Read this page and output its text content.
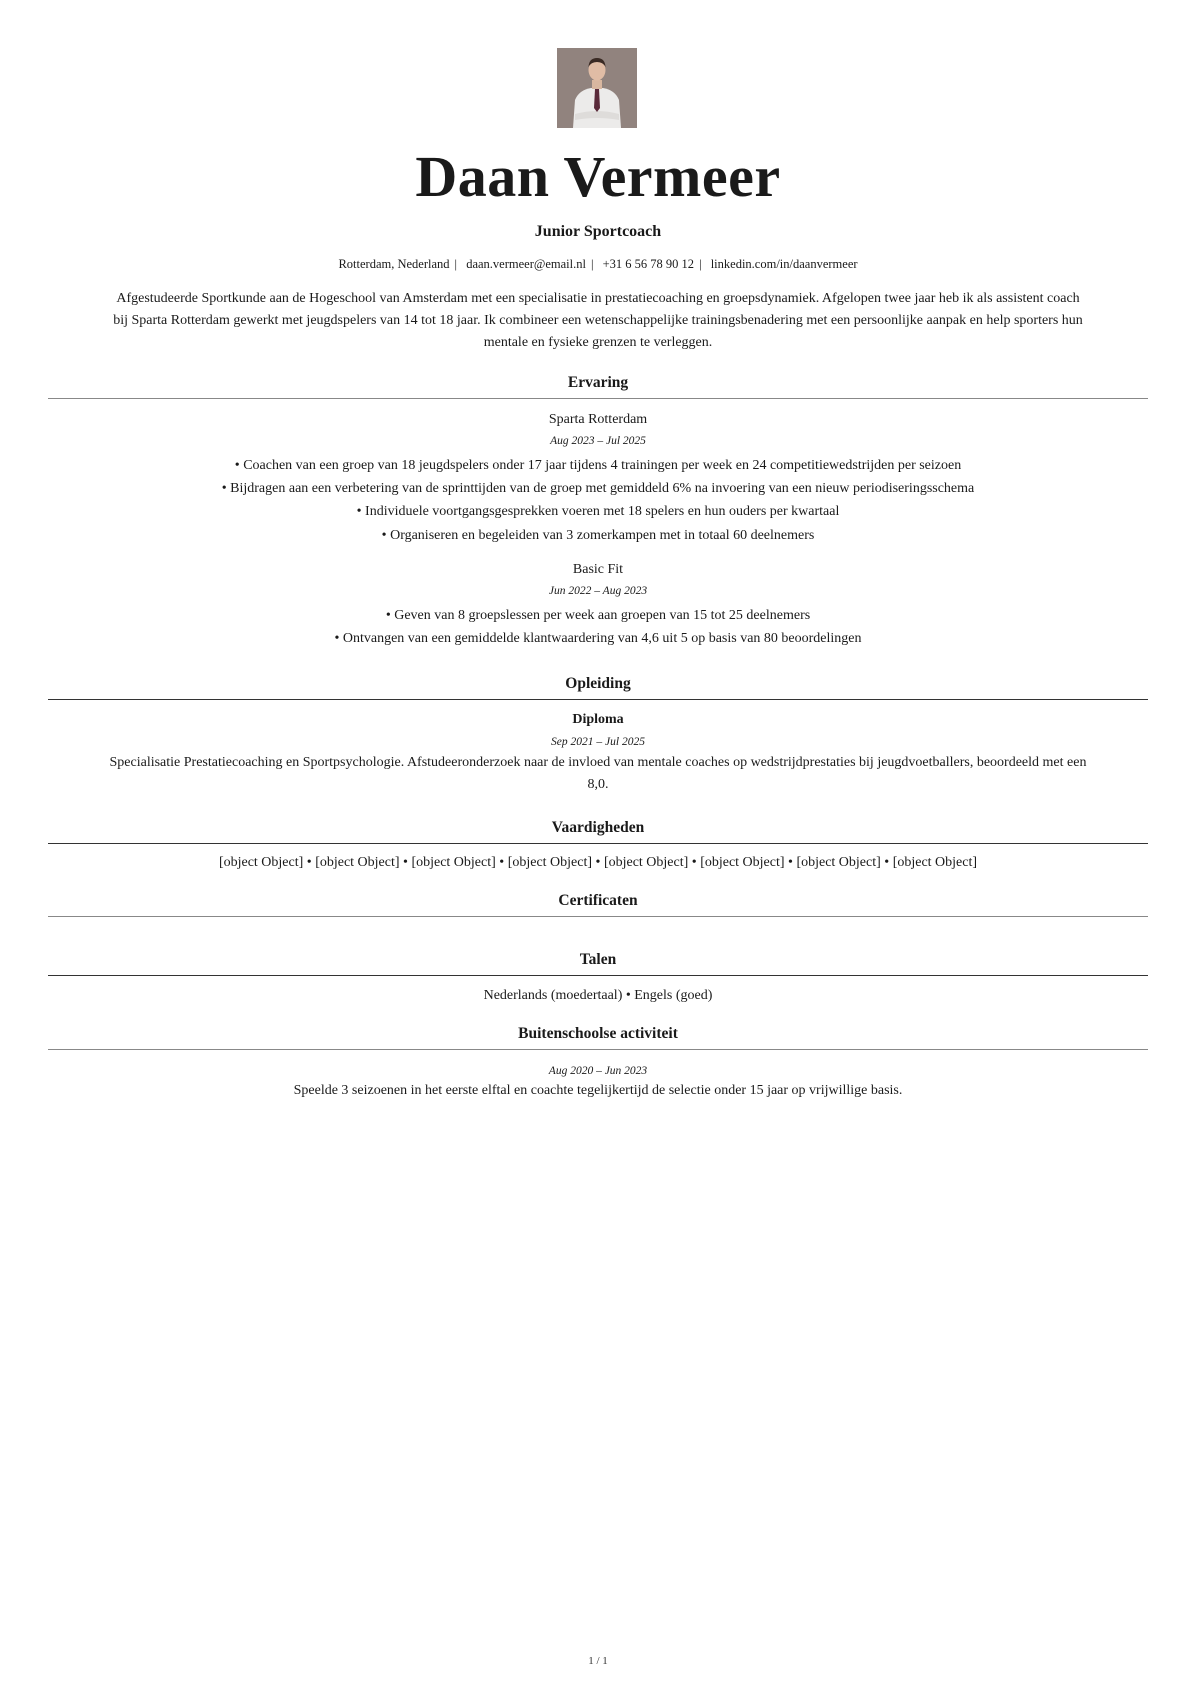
Daan Vermeer
Junior Sportcoach
Rotterdam, Nederland | daan.vermeer@email.nl | +31 6 56 78 90 12 | linkedin.com/in/daanvermeer
Afgestudeerde Sportkunde aan de Hogeschool van Amsterdam met een specialisatie in prestatiecoaching en groepsdynamiek. Afgelopen twee jaar heb ik als assistent coach
bij Sparta Rotterdam gewerkt met jeugdspelers van 14 tot 18 jaar. Ik combineer een wetenschappelijke trainingsbenadering met een persoonlijke aanpak en help sporters hun
mentale en fysieke grenzen te verleggen.
Ervaring
Sparta Rotterdam
Aug 2023 – Jul 2025
• Coachen van een groep van 18 jeugdspelers onder 17 jaar tijdens 4 trainingen per week en 24 competitiewedstrijden per seizoen
• Bijdragen aan een verbetering van de sprinttijden van de groep met gemiddeld 6% na invoering van een nieuw periodiseringsschema
• Individuele voortgangsgesprekken voeren met 18 spelers en hun ouders per kwartaal
• Organiseren en begeleiden van 3 zomerkampen met in totaal 60 deelnemers
Basic Fit
Jun 2022 – Aug 2023
• Geven van 8 groepslessen per week aan groepen van 15 tot 25 deelnemers
• Ontvangen van een gemiddelde klantwaardering van 4,6 uit 5 op basis van 80 beoordelingen
Opleiding
Diploma
Sep 2021 – Jul 2025
Specialisatie Prestatiecoaching en Sportpsychologie. Afstudeeronderzoek naar de invloed van mentale coaches op wedstrijdprestaties bij jeugdvoetballers, beoordeeld met een
8,0.
Vaardigheden
[object Object] • [object Object] • [object Object] • [object Object] • [object Object] • [object Object] • [object Object] • [object Object]
Certificaten
Talen
Nederlands (moedertaal) • Engels (goed)
Buitenschoolse activiteit
Aug 2020 – Jun 2023
Speelde 3 seizoenen in het eerste elftal en coachte tegelijkertijd de selectie onder 15 jaar op vrijwillige basis.
1 / 1
